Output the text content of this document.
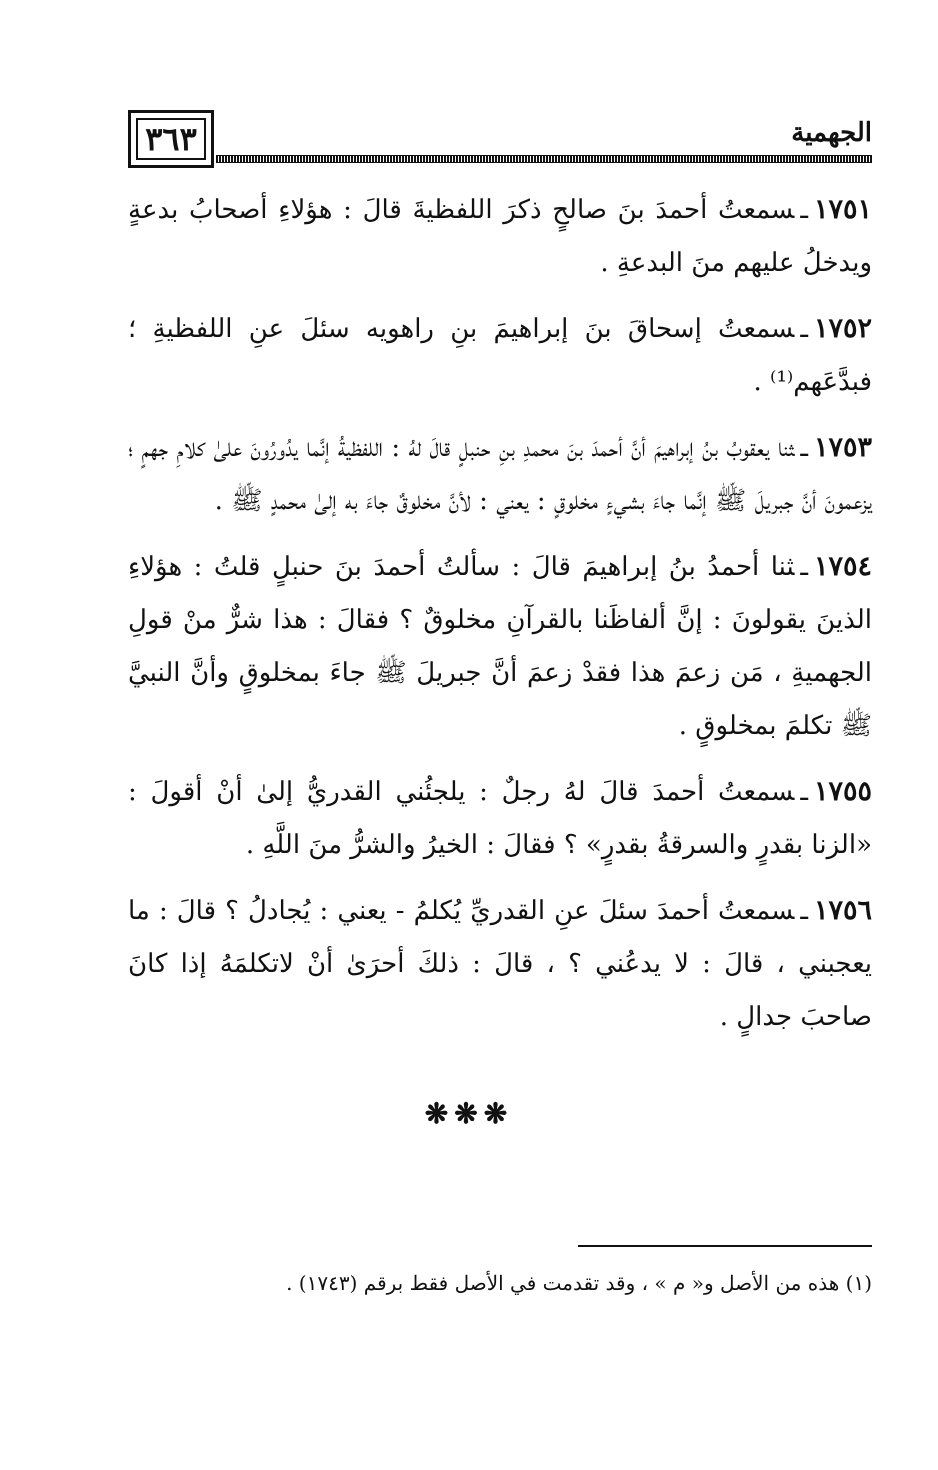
٣٦٣	الجهمية

١٧٥١ـسمعتُ أحمدَ بنَ صالحٍ ذكرَ اللفظيةَ قالَ : هؤلاءِ أصحابُ بدعةٍ ويدخلُ عليهم منَ البدعةِ .

١٧٥٢ـسمعتُ إسحاقَ بنَ إبراهيمَ بنِ راهويه سئلَ عنِ اللفظيةِ ؛ فبدَّعَهم⁽¹⁾ .

١٧٥٣ـثنا يعقوبُ بنُ إبراهيمَ أنَّ أحمدَ بنَ محمدِ بنِ حنبلٍ قالَ لهُ : اللفظيةُ إنَّما يدُورُونَ علىٰ كلامِ جهمٍ ؛ يزعمونَ أنَّ جبريلَ ﷺ إنَّما جاءَ بشيءٍ مخلوقٍ : يعني : لأنَّ مخلوقٌ جاءَ به إلىٰ محمدٍ ﷺ .

١٧٥٤ـثنا أحمدُ بنُ إبراهيمَ قالَ : سألتُ أحمدَ بنَ حنبلٍ قلتُ : هؤلاءِ الذينَ يقولونَ : إنَّ ألفاظَنا بالقرآنِ مخلوقٌ ؟ فقالَ : هذا شرٌّ منْ قولِ الجهميةِ ، مَن زعمَ هذا فقدْ زعمَ أنَّ جبريلَ ﷺ جاءَ بمخلوقٍ وأنَّ النبيَّ ﷺ تكلمَ بمخلوقٍ .

١٧٥٥ـسمعتُ أحمدَ قالَ لهُ رجلٌ : يلجئُني القدريُّ إلىٰ أنْ أقولَ : «الزنا بقدرٍ والسرقةُ بقدرٍ» ؟ فقالَ : الخيرُ والشرُّ منَ اللَّهِ .

١٧٥٦ـسمعتُ أحمدَ سئلَ عنِ القدريِّ يُكلمُ - يعني : يُجادلُ ؟ قالَ : ما يعجبني ، قالَ : لا يدعُني ؟ ، قالَ : ذلكَ أحرَىٰ أنْ لاتكلمَهُ إذا كانَ صاحبَ جدالٍ .

❋❋❋
(١) هذه من الأصل و« م » ، وقد تقدمت في الأصل فقط برقم (١٧٤٣) .
